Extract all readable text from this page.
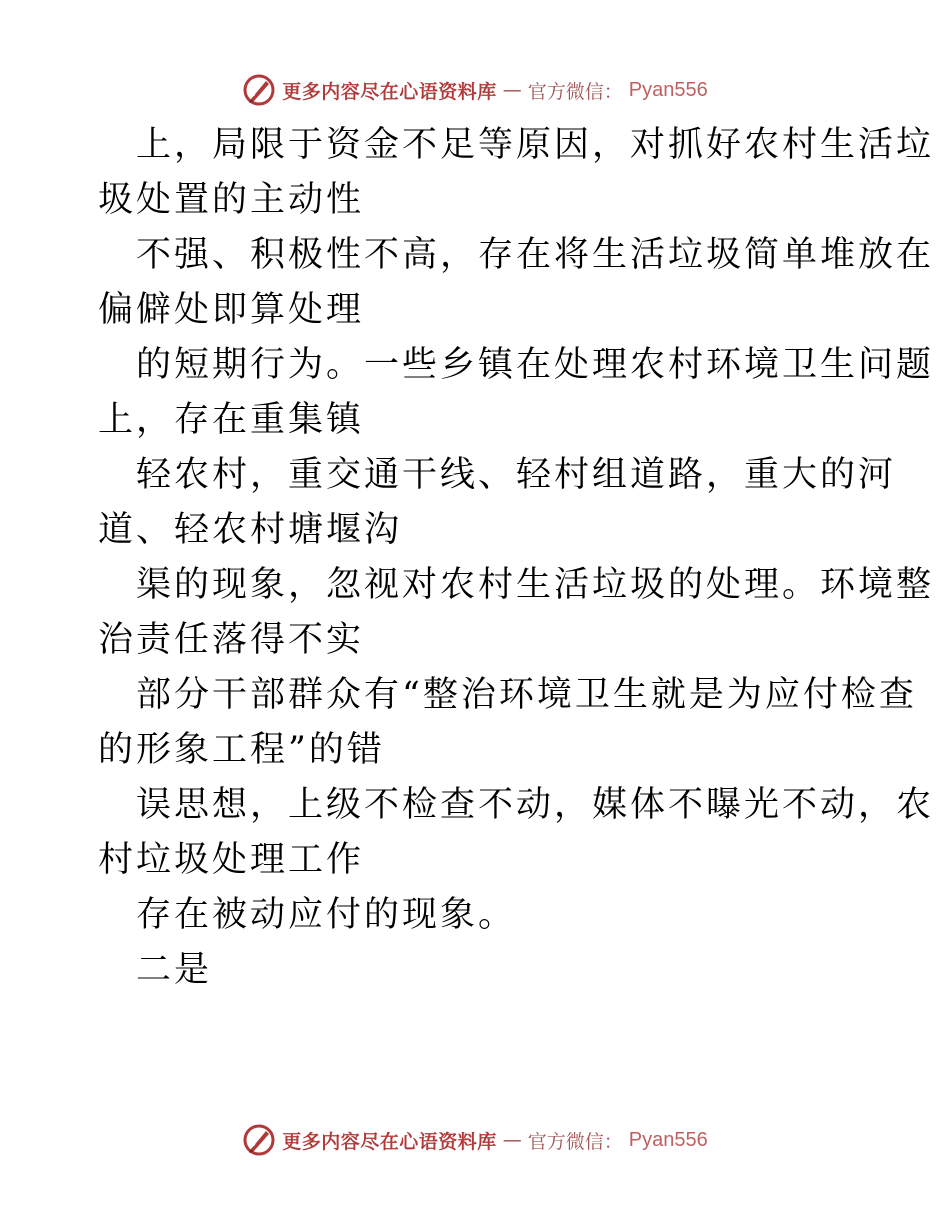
更多内容尽在心语资料库 — 官方微信： Pyan556
上，局限于资金不足等原因，对抓好农村生活垃
圾处置的主动性
不强、积极性不高，存在将生活垃圾简单堆放在
偏僻处即算处理
的短期行为。一些乡镇在处理农村环境卫生问题
上，存在重集镇
轻农村，重交通干线、轻村组道路，重大的河
道、轻农村塘堰沟
渠的现象，忽视对农村生活垃圾的处理。环境整
治责任落得不实
部分干部群众有“整治环境卫生就是为应付检查
的形象工程”的错
误思想，上级不检查不动，媒体不曝光不动，农
村垃圾处理工作
存在被动应付的现象。
二是
更多内容尽在心语资料库 — 官方微信： Pyan556
